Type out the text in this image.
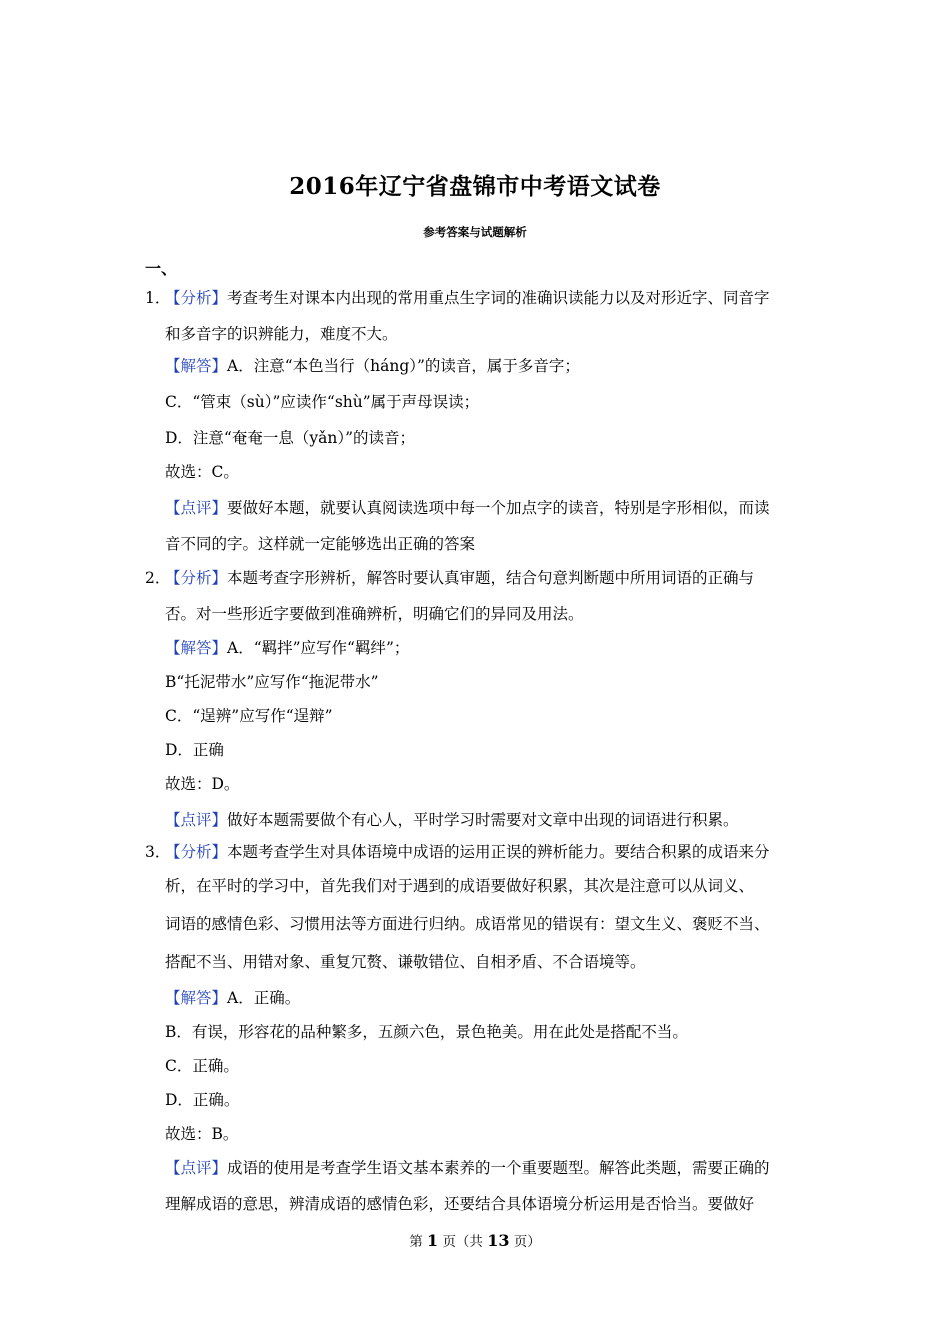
2016年辽宁省盘锦市中考语文试卷
参考答案与试题解析
一、
1．
【分析】考查考生对课本内出现的常用重点生字词的准确识读能力以及对形近字、同音字
和多音字的识辨能力，难度不大。
【解答】A．注意“本色当行（háng）”的读音，属于多音字；
C．“管束（sù）”应读作“shù”属于声母误读；
D．注意“奄奄一息（yǎn）”的读音；
故选：C。
【点评】要做好本题，就要认真阅读选项中每一个加点字的读音，特别是字形相似，而读
音不同的字。这样就一定能够选出正确的答案
2．
【分析】本题考查字形辨析，解答时要认真审题，结合句意判断题中所用词语的正确与
否。对一些形近字要做到准确辨析，明确它们的异同及用法。
【解答】A．“羁拌”应写作“羁绊”；
B“托泥带水”应写作“拖泥带水”
C．“逞辨”应写作“逞辩”
D．正确
故选：D。
【点评】做好本题需要做个有心人，平时学习时需要对文章中出现的词语进行积累。
3．
【分析】本题考查学生对具体语境中成语的运用正误的辨析能力。要结合积累的成语来分
析，在平时的学习中，首先我们对于遇到的成语要做好积累，其次是注意可以从词义、
词语的感情色彩、习惯用法等方面进行归纳。成语常见的错误有：望文生义、褒贬不当、
搭配不当、用错对象、重复冗赘、谦敬错位、自相矛盾、不合语境等。
【解答】A．正确。
B．有误，形容花的品种繁多，五颜六色，景色艳美。用在此处是搭配不当。
C．正确。
D．正确。
故选：B。
【点评】成语的使用是考查学生语文基本素养的一个重要题型。解答此类题，需要正确的
理解成语的意思，辨清成语的感情色彩，还要结合具体语境分析运用是否恰当。要做好
第 1 页（共 13 页）
